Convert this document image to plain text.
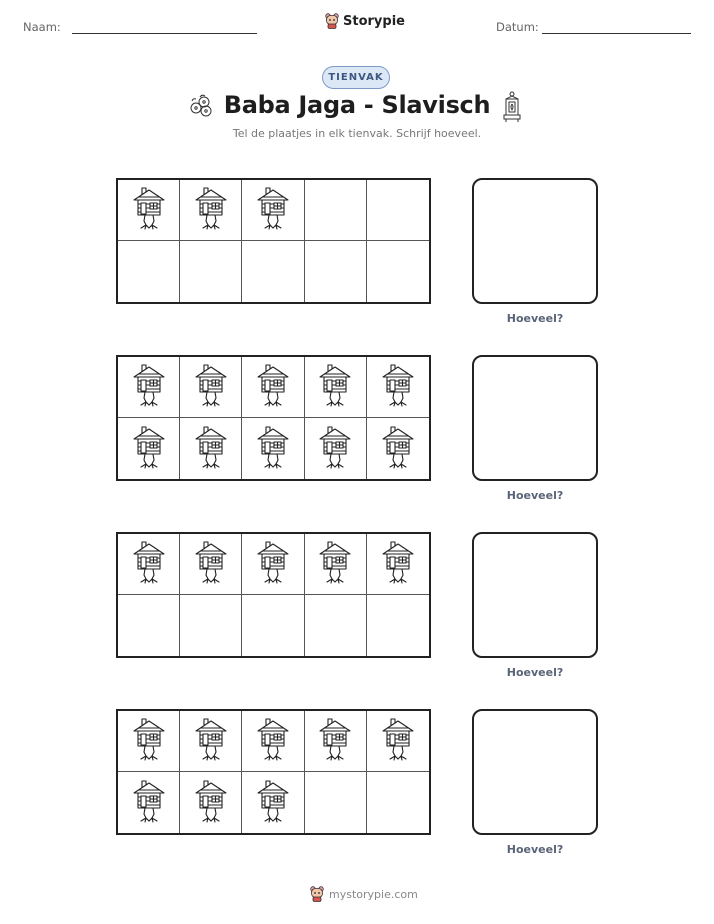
Naam:	Storypie	Datum:
TIENVAK
Baba Jaga - Slavisch
Tel de plaatjes in elk tienvak. Schrijf hoeveel.
Hoeveel?
Hoeveel?
Hoeveel?
Hoeveel?
mystorypie.com
